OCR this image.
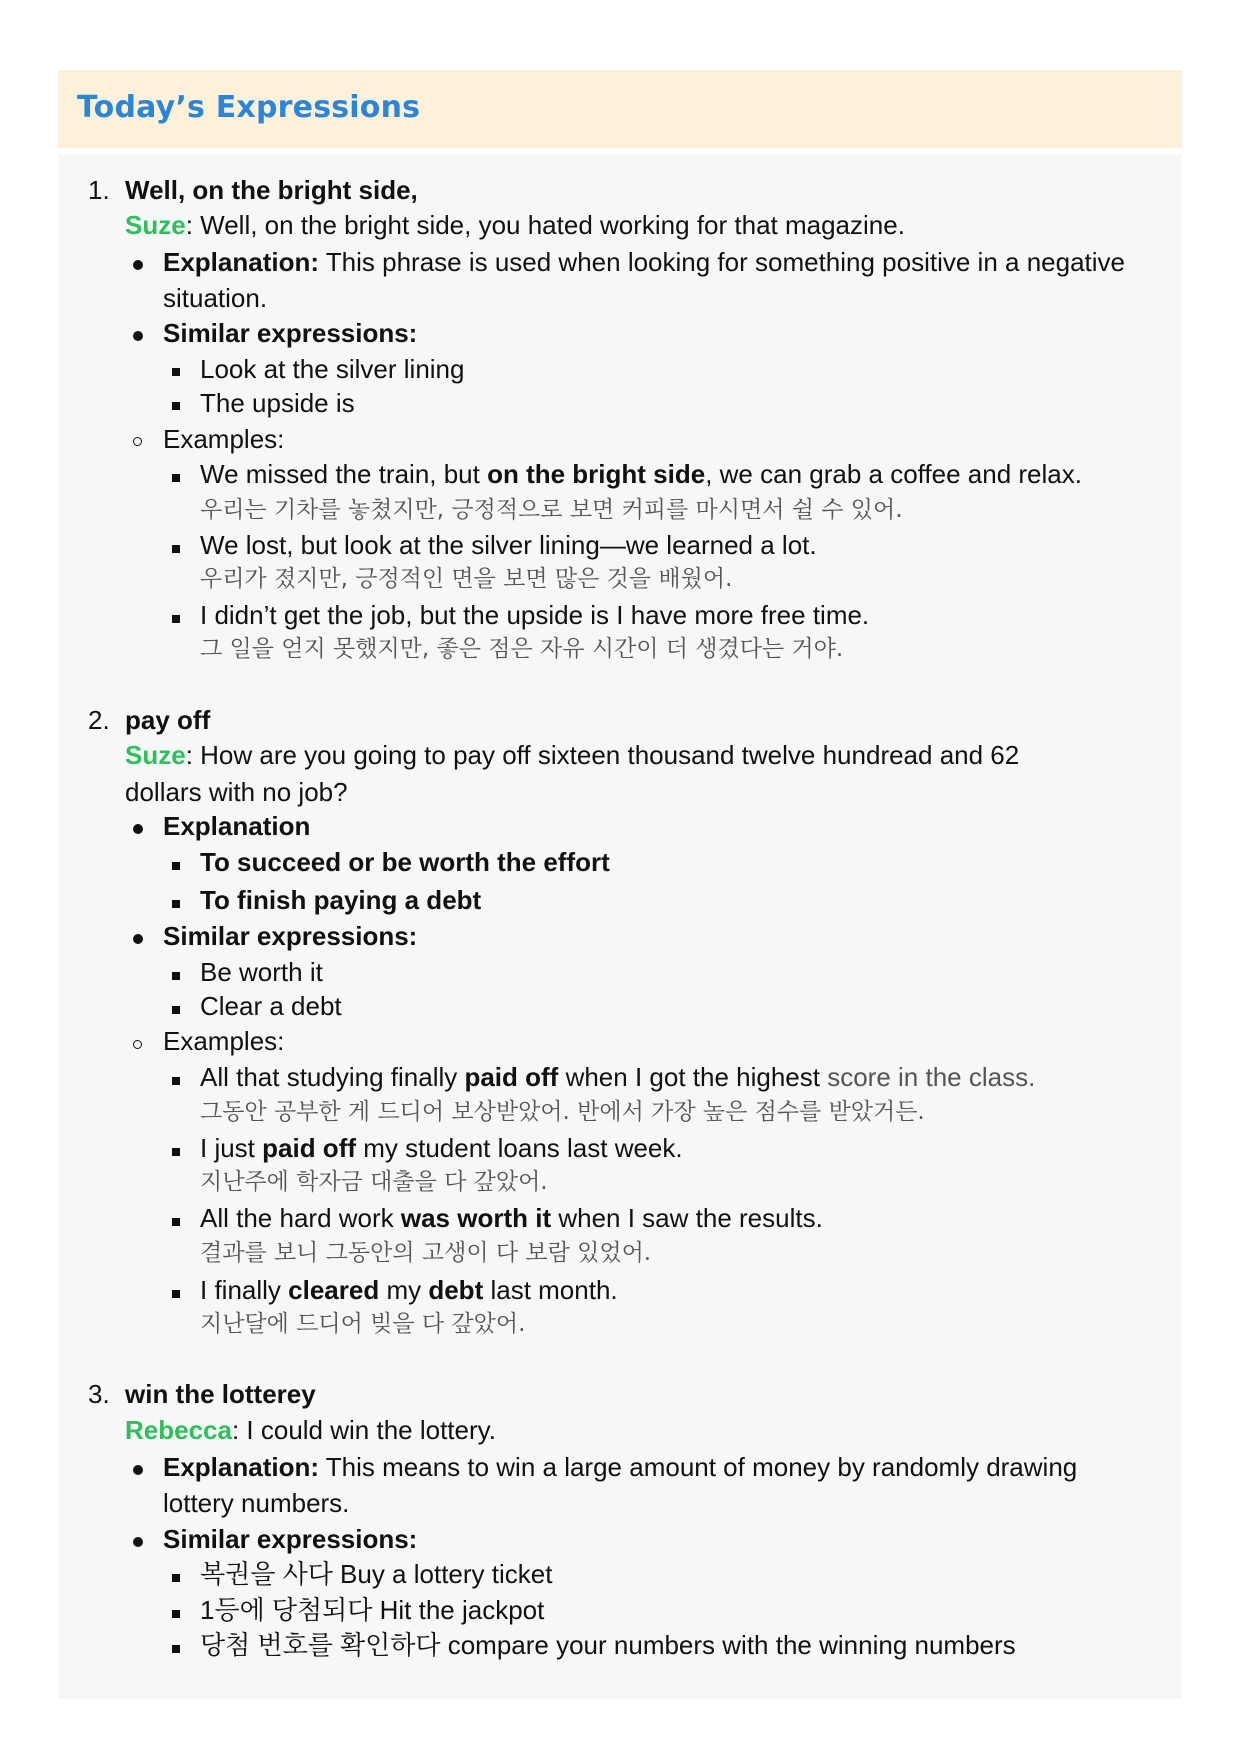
Today’s Expressions
1. Well, on the bright side,
Suze: Well, on the bright side, you hated working for that magazine.
Explanation: This phrase is used when looking for something positive in a negative
situation.
Similar expressions:
Look at the silver lining
The upside is
Examples:
We missed the train, but on the bright side, we can grab a coffee and relax.
우리는 기차를 놓쳤지만, 긍정적으로 보면 커피를 마시면서 쉴 수 있어.
We lost, but look at the silver lining—we learned a lot.
우리가 졌지만, 긍정적인 면을 보면 많은 것을 배웠어.
I didn’t get the job, but the upside is I have more free time.
그 일을 얻지 못했지만, 좋은 점은 자유 시간이 더 생겼다는 거야.
2. pay off
Suze: How are you going to pay off sixteen thousand twelve hundread and 62
dollars with no job?
Explanation
To succeed or be worth the effort
To finish paying a debt
Similar expressions:
Be worth it
Clear a debt
Examples:
All that studying finally paid off when I got the highest score in the class.
그동안 공부한 게 드디어 보상받았어. 반에서 가장 높은 점수를 받았거든.
I just paid off my student loans last week.
지난주에 학자금 대출을 다 갚았어.
All the hard work was worth it when I saw the results.
결과를 보니 그동안의 고생이 다 보람 있었어.
I finally cleared my debt last month.
지난달에 드디어 빚을 다 갚았어.
3. win the lotterey
Rebecca: I could win the lottery.
Explanation: This means to win a large amount of money by randomly drawing
lottery numbers.
Similar expressions:
복권을 사다 Buy a lottery ticket
1등에 당첨되다 Hit the jackpot
당첨 번호를 확인하다 compare your numbers with the winning numbers
